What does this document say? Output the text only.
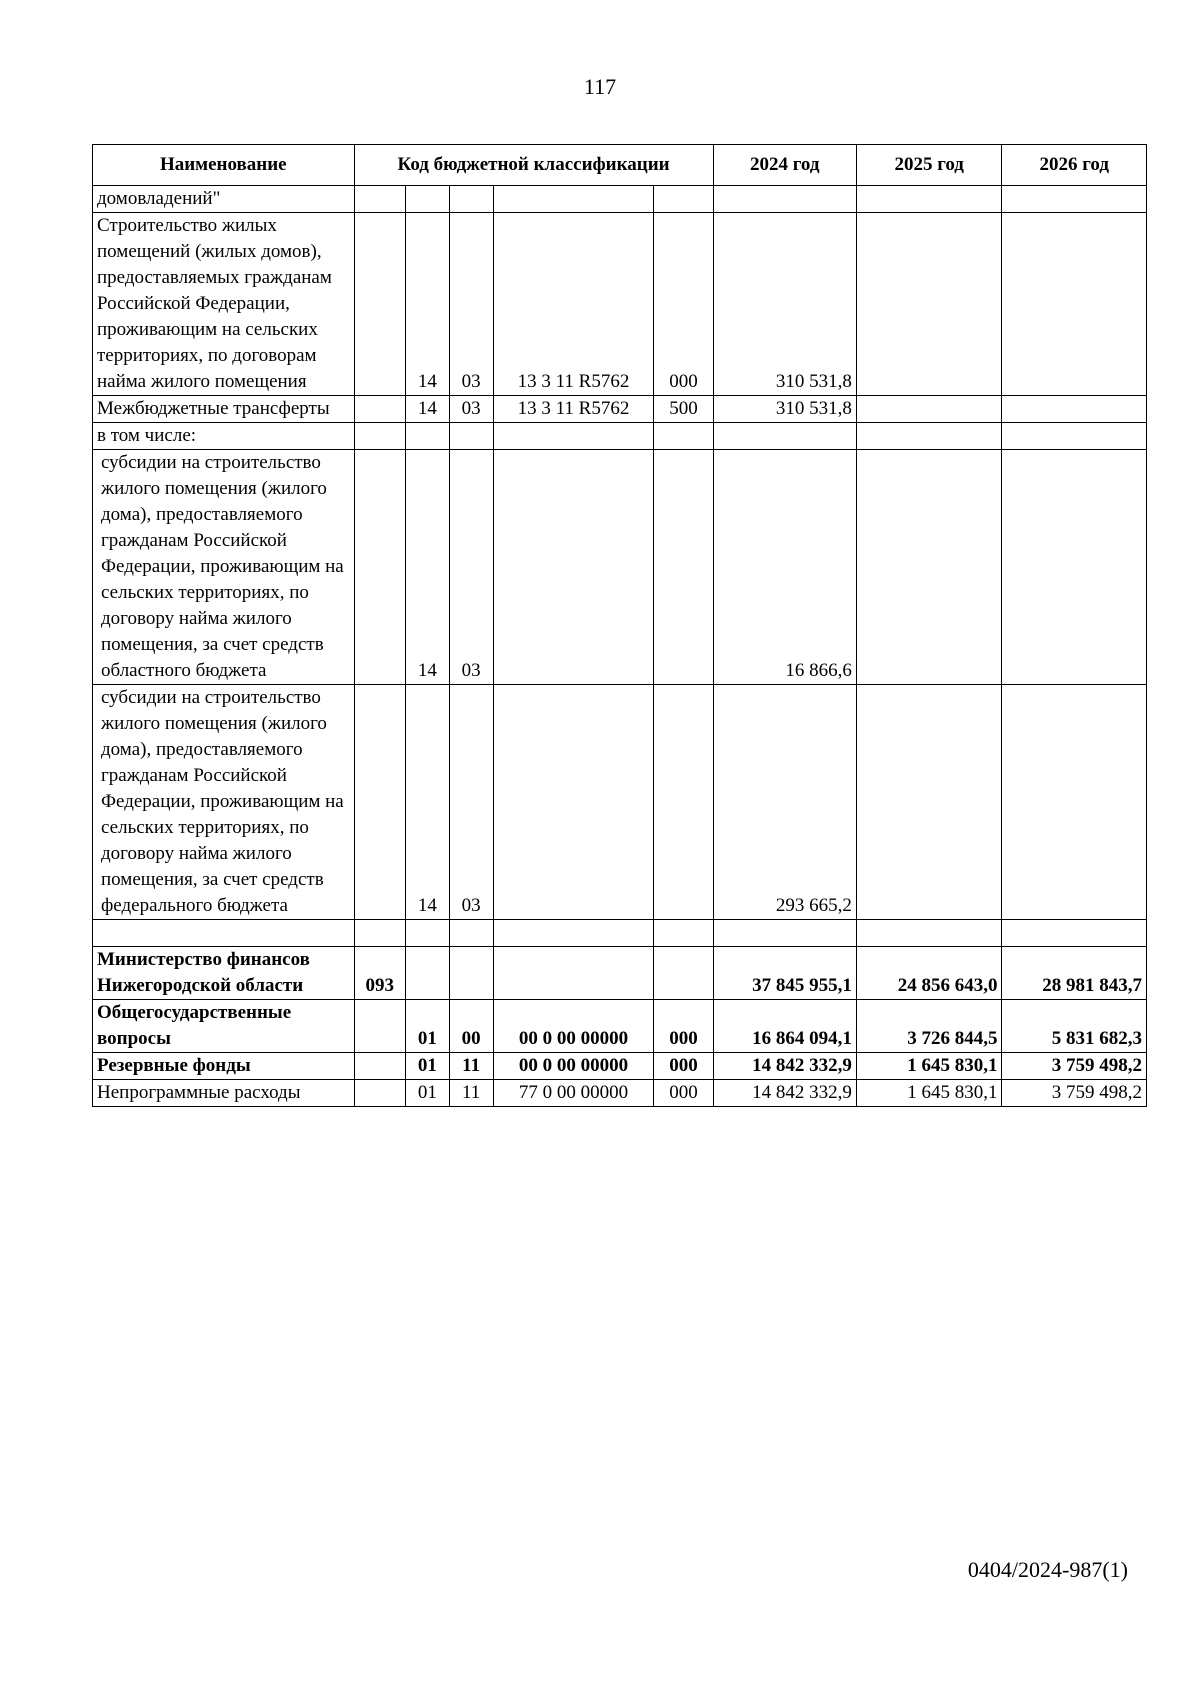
117
Наименование	Код бюджетной классификации					2024 год	2025 год	2026 год
домовладений"								
Строительство жилых помещений (жилых домов), предоставляемых гражданам Российской Федерации, проживающим на сельских территориях, по договорам найма жилого помещения		14	03	13 3 11 R5762	000	310 531,8		
Межбюджетные трансферты		14	03	13 3 11 R5762	500	310 531,8		
в том числе:								
субсидии на строительство жилого помещения (жилого дома), предоставляемого гражданам Российской Федерации, проживающим на сельских территориях, по договору найма жилого помещения, за счет средств областного бюджета		14	03			16 866,6		
субсидии на строительство жилого помещения (жилого дома), предоставляемого гражданам Российской Федерации, проживающим на сельских территориях, по договору найма жилого помещения, за счет средств федерального бюджета		14	03			293 665,2		

Министерство финансов Нижегородской области	093					37 845 955,1	24 856 643,0	28 981 843,7
Общегосударственные вопросы		01	00	00 0 00 00000	000	16 864 094,1	3 726 844,5	5 831 682,3
Резервные фонды		01	11	00 0 00 00000	000	14 842 332,9	1 645 830,1	3 759 498,2
Непрограммные расходы		01	11	77 0 00 00000	000	14 842 332,9	1 645 830,1	3 759 498,2
0404/2024-987(1)
